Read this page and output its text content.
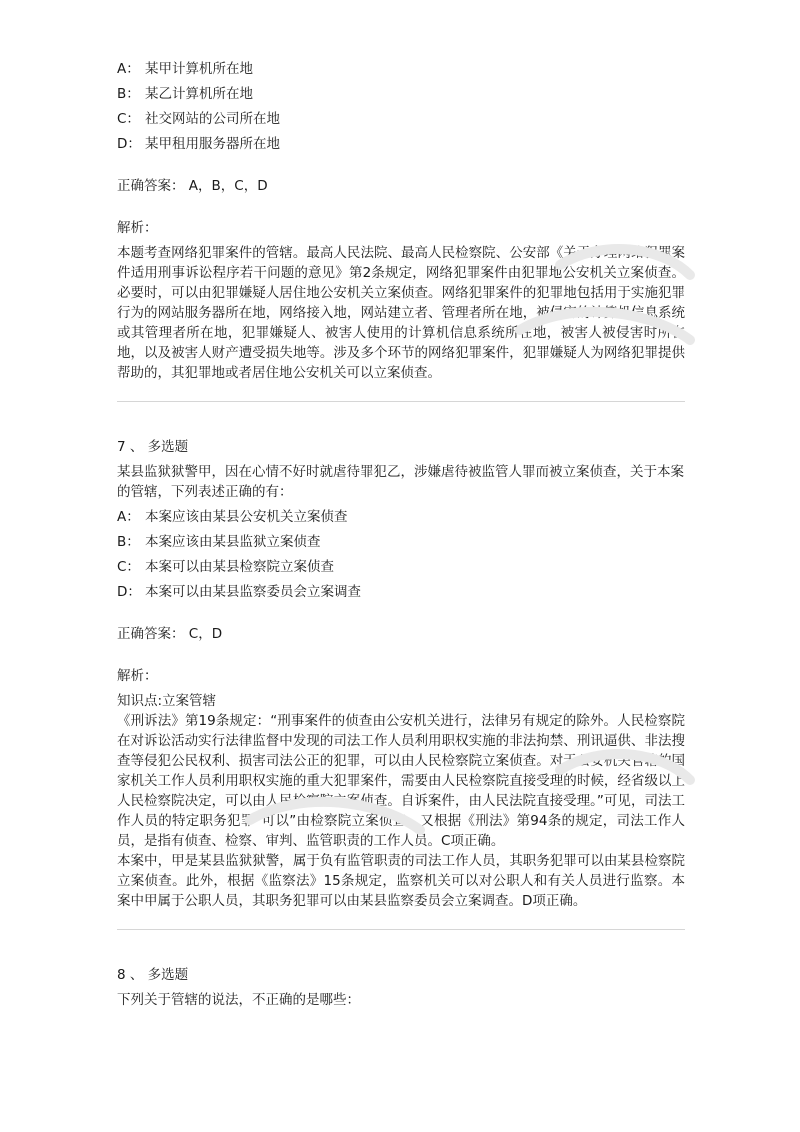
A： 某甲计算机所在地
B： 某乙计算机所在地
C： 社交网站的公司所在地
D： 某甲租用服务器所在地
正确答案： A，B，C，D
解析：

本题考查网络犯罪案件的管辖。最高人民法院、最高人民检察院、公安部《关于办理网络犯罪案件适用刑事诉讼程序若干问题的意见》第2条规定，网络犯罪案件由犯罪地公安机关立案侦查。必要时，可以由犯罪嫌疑人居住地公安机关立案侦查。网络犯罪案件的犯罪地包括用于实施犯罪行为的网站服务器所在地，网络接入地，网站建立者、管理者所在地，被侵害的计算机信息系统或其管理者所在地，犯罪嫌疑人、被害人使用的计算机信息系统所在地，被害人被侵害时所在地，以及被害人财产遭受损失地等。涉及多个环节的网络犯罪案件，犯罪嫌疑人为网络犯罪提供帮助的，其犯罪地或者居住地公安机关可以立案侦查。

7 、 多选题
某县监狱狱警甲，因在心情不好时就虐待罪犯乙，涉嫌虐待被监管人罪而被立案侦查，关于本案的管辖，下列表述正确的有：
A： 本案应该由某县公安机关立案侦查
B： 本案应该由某县监狱立案侦查
C： 本案可以由某县检察院立案侦查
D： 本案可以由某县监察委员会立案调查
正确答案： C，D
解析：

知识点:立案管辖

《刑诉法》第19条规定：“刑事案件的侦查由公安机关进行，法律另有规定的除外。人民检察院在对诉讼活动实行法律监督中发现的司法工作人员利用职权实施的非法拘禁、刑讯逼供、非法搜查等侵犯公民权利、损害司法公正的犯罪，可以由人民检察院立案侦查。对于公安机关管辖的国家机关工作人员利用职权实施的重大犯罪案件，需要由人民检察院直接受理的时候，经省级以上人民检察院决定，可以由人民检察院立案侦查。自诉案件，由人民法院直接受理。”可见，司法工作人员的特定职务犯罪“可以”由检察院立案侦查。又根据《刑法》第94条的规定，司法工作人员，是指有侦查、检察、审判、监管职责的工作人员。C项正确。

本案中，甲是某县监狱狱警，属于负有监管职责的司法工作人员，其职务犯罪可以由某县检察院立案侦查。此外，根据《监察法》15条规定，监察机关可以对公职人和有关人员进行监察。本案中甲属于公职人员，其职务犯罪可以由某县监察委员会立案调查。D项正确。

8 、 多选题
下列关于管辖的说法，不正确的是哪些：
